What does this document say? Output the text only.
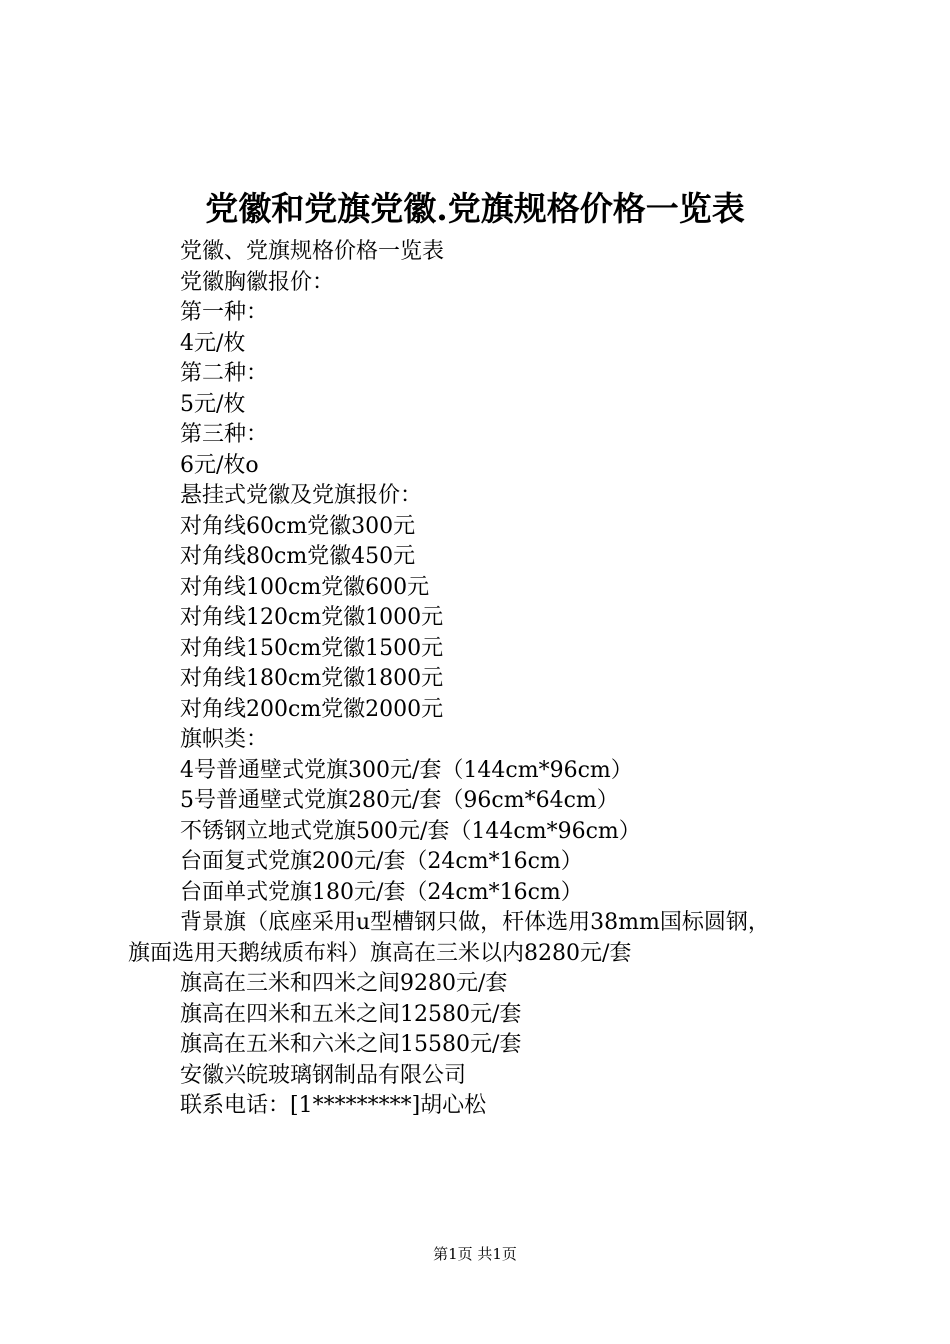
党徽和党旗党徽.党旗规格价格一览表
党徽、党旗规格价格一览表
党徽胸徽报价：
第一种：
4元/枚
第二种：
5元/枚
第三种：
6元/枚o
悬挂式党徽及党旗报价：
对角线60cm党徽300元
对角线80cm党徽450元
对角线100cm党徽600元
对角线120cm党徽1000元
对角线150cm党徽1500元
对角线180cm党徽1800元
对角线200cm党徽2000元
旗帜类：
4号普通壁式党旗300元/套（144cm*96cm）
5号普通壁式党旗280元/套（96cm*64cm）
不锈钢立地式党旗500元/套（144cm*96cm）
台面复式党旗200元/套（24cm*16cm）
台面单式党旗180元/套（24cm*16cm）
背景旗（底座采用u型槽钢只做，杆体选用38mm国标圆钢，
旗面选用天鹅绒质布料）旗高在三米以内8280元/套
旗高在三米和四米之间9280元/套
旗高在四米和五米之间12580元/套
旗高在五米和六米之间15580元/套
安徽兴皖玻璃钢制品有限公司
联系电话：[1*********]胡心松
第1页 共1页
